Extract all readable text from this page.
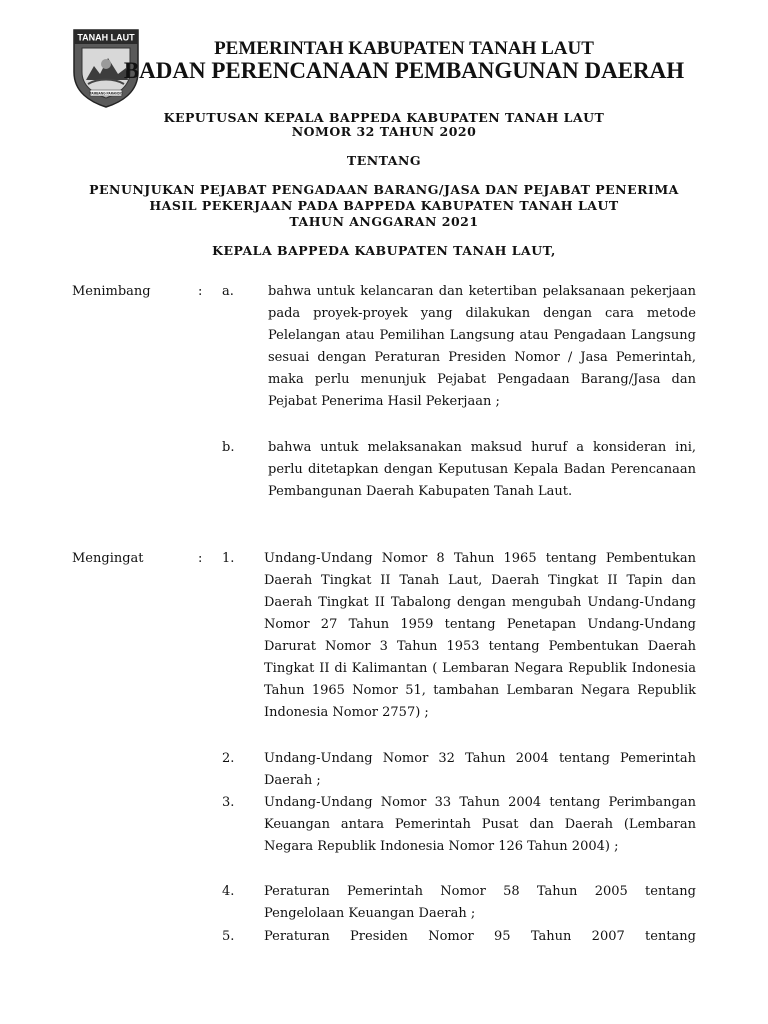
TANAH LAUT
TAMBANG PARANDO
PEMERINTAH KABUPATEN TANAH LAUT
BADAN PERENCANAAN PEMBANGUNAN DAERAH
KEPUTUSAN KEPALA BAPPEDA KABUPATEN TANAH LAUT
NOMOR 32 TAHUN 2020
TENTANG
PENUNJUKAN PEJABAT PENGADAAN BARANG/JASA DAN PEJABAT PENERIMA
HASIL PEKERJAAN PADA BAPPEDA KABUPATEN TANAH LAUT
TAHUN ANGGARAN 2021
KEPALA BAPPEDA KABUPATEN TANAH LAUT,
Menimbang	: a.	bahwa untuk kelancaran dan ketertiban pelaksanaan pekerjaan pada proyek-proyek yang dilakukan dengan cara metode Pelelangan atau Pemilihan Langsung atau Pengadaan Langsung sesuai dengan Peraturan Presiden Nomor / Jasa Pemerintah, maka perlu menunjuk Pejabat Pengadaan Barang/Jasa dan Pejabat Penerima Hasil Pekerjaan ;
b.	bahwa untuk melaksanakan maksud huruf a konsideran ini, perlu ditetapkan dengan Keputusan Kepala Badan Perencanaan Pembangunan Daerah Kabupaten Tanah Laut.
Mengingat	: 1. Undang-Undang Nomor 8 Tahun 1965 tentang Pembentukan Daerah Tingkat II Tanah Laut, Daerah Tingkat II Tapin dan Daerah Tingkat II Tabalong dengan mengubah Undang-Undang Nomor 27 Tahun 1959 tentang Penetapan Undang-Undang Darurat Nomor 3 Tahun 1953 tentang Pembentukan Daerah Tingkat II di Kalimantan ( Lembaran Negara Republik Indonesia Tahun 1965 Nomor 51, tambahan Lembaran Negara Republik Indonesia Nomor 2757) ;
2. Undang-Undang Nomor 32 Tahun 2004 tentang Pemerintah Daerah ;
3. Undang-Undang Nomor 33 Tahun 2004 tentang Perimbangan Keuangan antara Pemerintah Pusat dan Daerah (Lembaran Negara Republik Indonesia Nomor 126 Tahun 2004) ;
4. Peraturan Pemerintah Nomor 58 Tahun 2005 tentang Pengelolaan Keuangan Daerah ;
5. Peraturan Presiden Nomor 95 Tahun 2007 tentang
